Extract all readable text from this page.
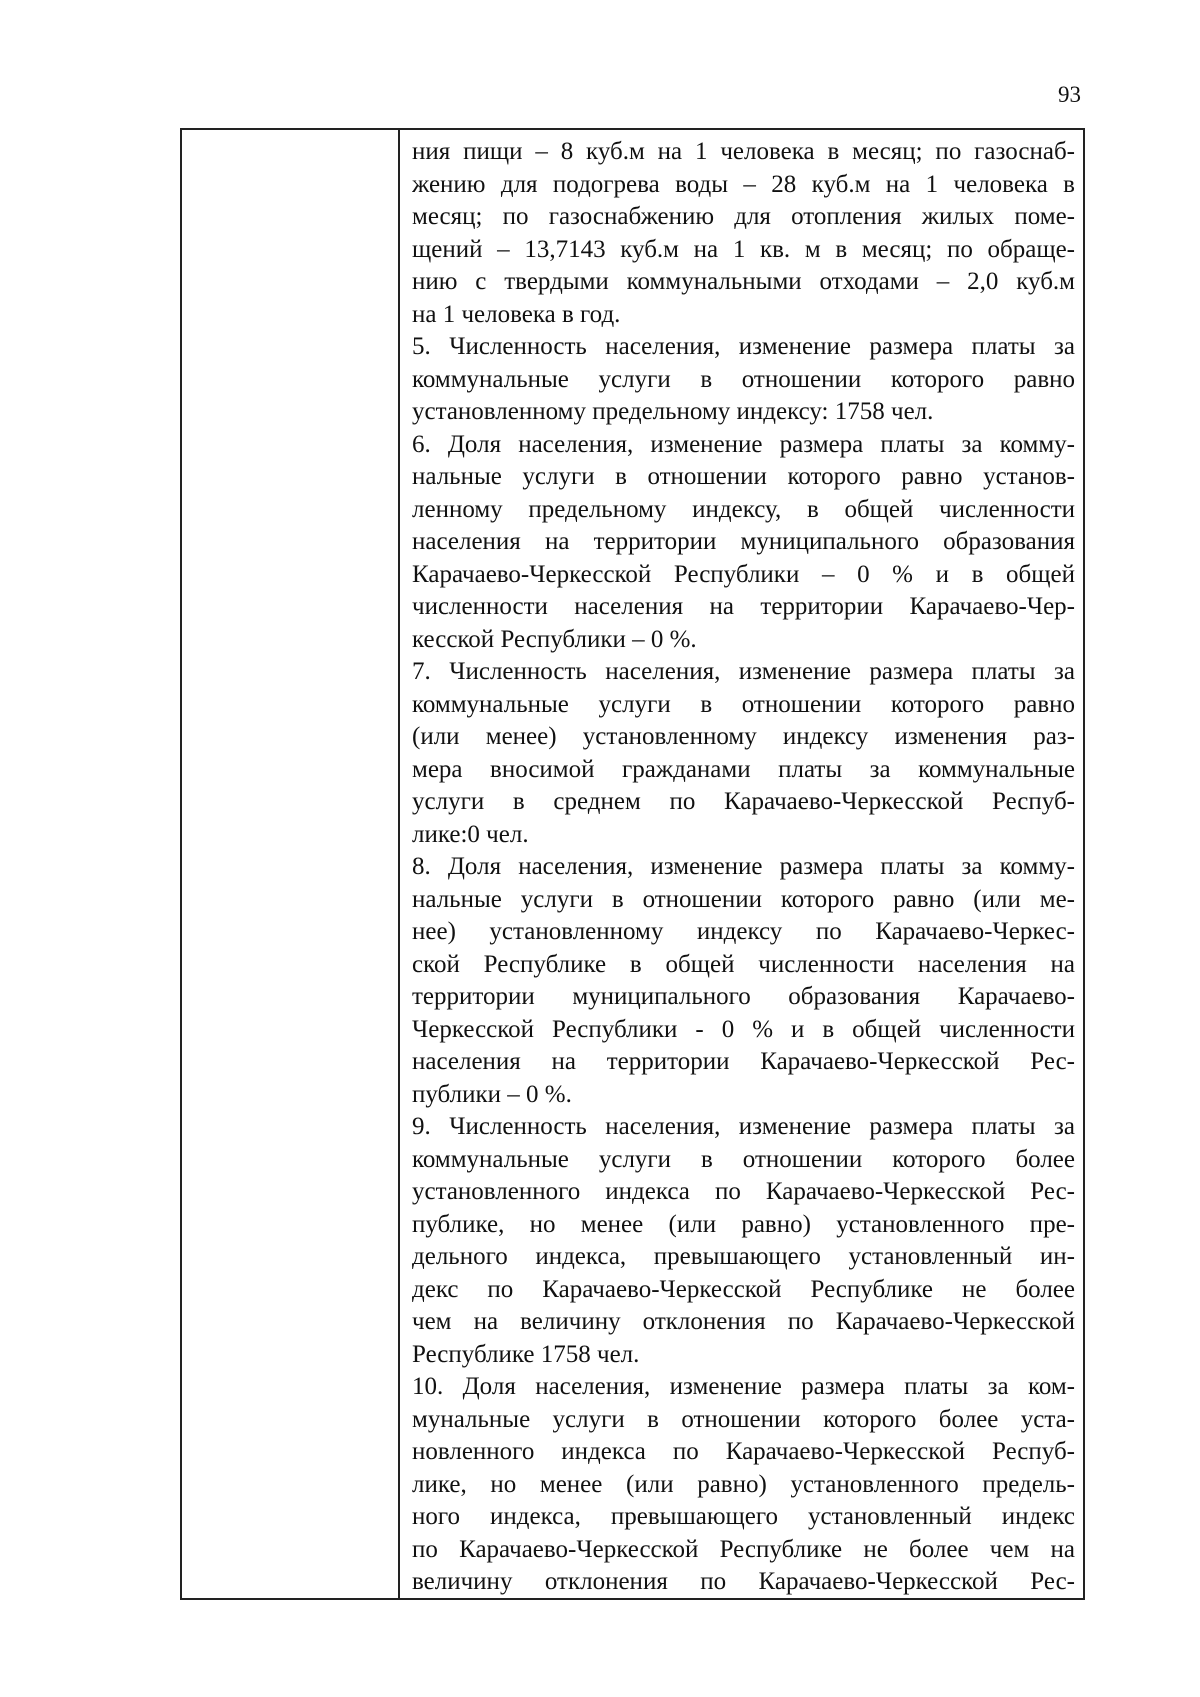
93
ния пищи – 8 куб.м на 1 человека в месяц; по газоснаб-
жению для подогрева воды – 28 куб.м на 1 человека в
месяц; по газоснабжению для отопления жилых поме-
щений – 13,7143 куб.м на 1 кв. м в месяц; по обраще-
нию с твердыми коммунальными отходами – 2,0 куб.м
на 1 человека в год.
5. Численность населения, изменение размера платы за
коммунальные услуги в отношении которого равно
установленному предельному индексу: 1758 чел.
6. Доля населения, изменение размера платы за комму-
нальные услуги в отношении которого равно установ-
ленному предельному индексу, в общей численности
населения на территории муниципального образования
Карачаево-Черкесской Республики – 0 % и в общей
численности населения на территории Карачаево-Чер-
кесской Республики – 0 %.
7. Численность населения, изменение размера платы за
коммунальные услуги в отношении которого равно
(или менее) установленному индексу изменения раз-
мера вносимой гражданами платы за коммунальные
услуги в среднем по Карачаево-Черкесской Респуб-
лике:0 чел.
8. Доля населения, изменение размера платы за комму-
нальные услуги в отношении которого равно (или ме-
нее) установленному индексу по Карачаево-Черкес-
ской Республике в общей численности населения на
территории муниципального образования Карачаево-
Черкесской Республики - 0 % и в общей численности
населения на территории Карачаево-Черкесской Рес-
публики – 0 %.
9. Численность населения, изменение размера платы за
коммунальные услуги в отношении которого более
установленного индекса по Карачаево-Черкесской Рес-
публике, но менее (или равно) установленного пре-
дельного индекса, превышающего установленный ин-
декс по Карачаево-Черкесской Республике не более
чем на величину отклонения по Карачаево-Черкесской
Республике 1758 чел.
10. Доля населения, изменение размера платы за ком-
мунальные услуги в отношении которого более уста-
новленного индекса по Карачаево-Черкесской Респуб-
лике, но менее (или равно) установленного предель-
ного индекса, превышающего установленный индекс
по Карачаево-Черкесской Республике не более чем на
величину отклонения по Карачаево-Черкесской Рес-
